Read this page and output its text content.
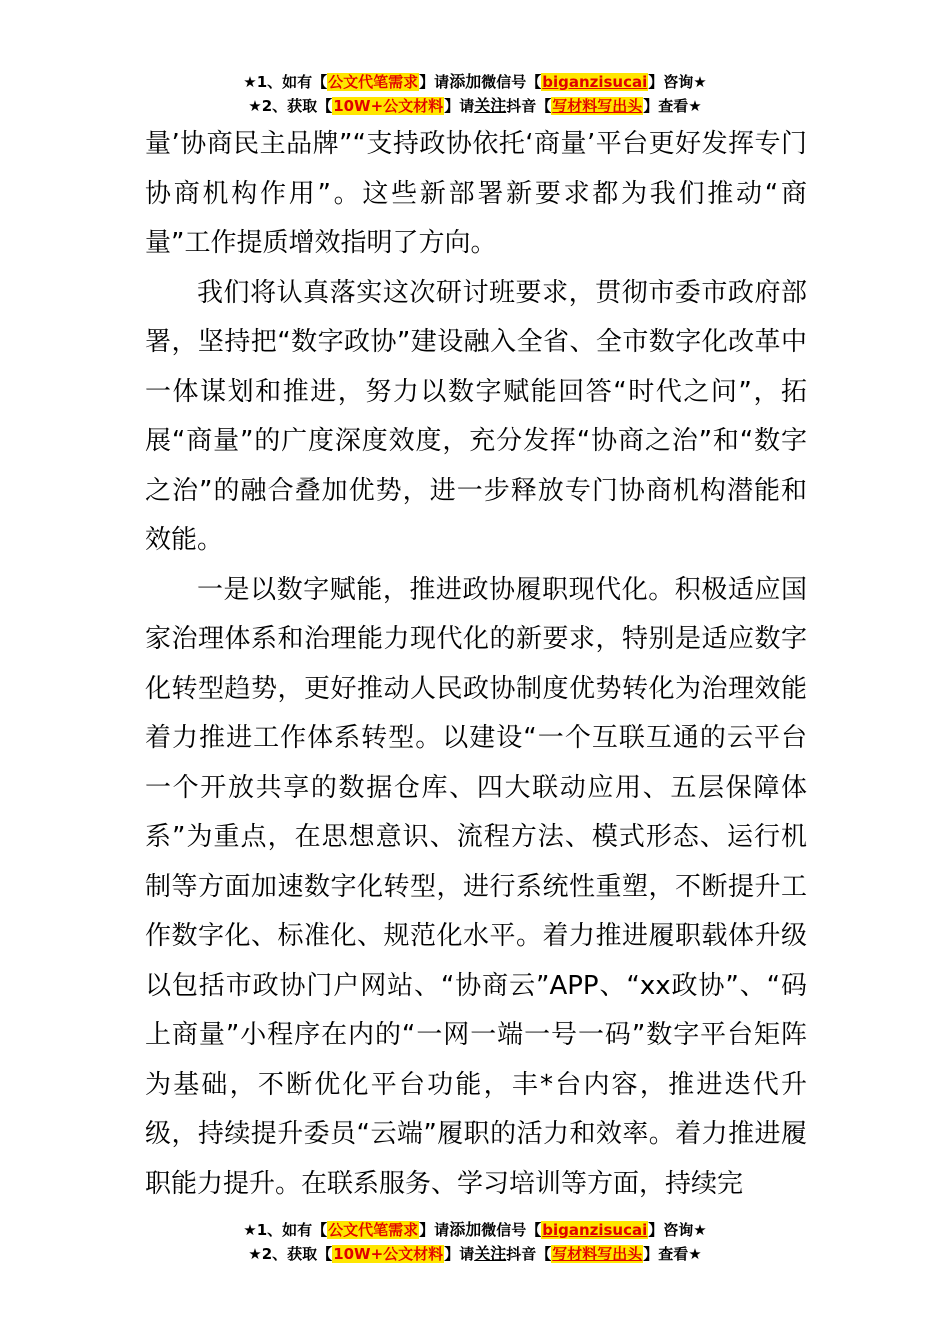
★1、如有【公文代笔需求】请添加微信号【biganzisucai】咨询★
★2、获取【10W+公文材料】请关注抖音【写材料写出头】查看★

量’协商民主品牌”“支持政协依托‘商量’平台更好发挥专门协商机构作用”。这些新部署新要求都为我们推动“商量”工作提质增效指明了方向。

我们将认真落实这次研讨班要求，贯彻市委市政府部署，坚持把“数字政协”建设融入全省、全市数字化改革中一体谋划和推进，努力以数字赋能回答“时代之问”，拓展“商量”的广度深度效度，充分发挥“协商之治”和“数字之治”的融合叠加优势，进一步释放专门协商机构潜能和效能。

一是以数字赋能，推进政协履职现代化。积极适应国家治理体系和治理能力现代化的新要求，特别是适应数字化转型趋势，更好推动人民政协制度优势转化为治理效能着力推进工作体系转型。以建设“一个互联互通的云平台一个开放共享的数据仓库、四大联动应用、五层保障体系”为重点，在思想意识、流程方法、模式形态、运行机制等方面加速数字化转型，进行系统性重塑，不断提升工作数字化、标准化、规范化水平。着力推进履职载体升级以包括市政协门户网站、“协商云”APP、“xx政协”、“码上商量”小程序在内的“一网一端一号一码”数字平台矩阵为基础，不断优化平台功能，丰*台内容，推进迭代升级，持续提升委员“云端”履职的活力和效率。着力推进履职能力提升。在联系服务、学习培训等方面，持续完

★1、如有【公文代笔需求】请添加微信号【biganzisucai】咨询★
★2、获取【10W+公文材料】请关注抖音【写材料写出头】查看★
